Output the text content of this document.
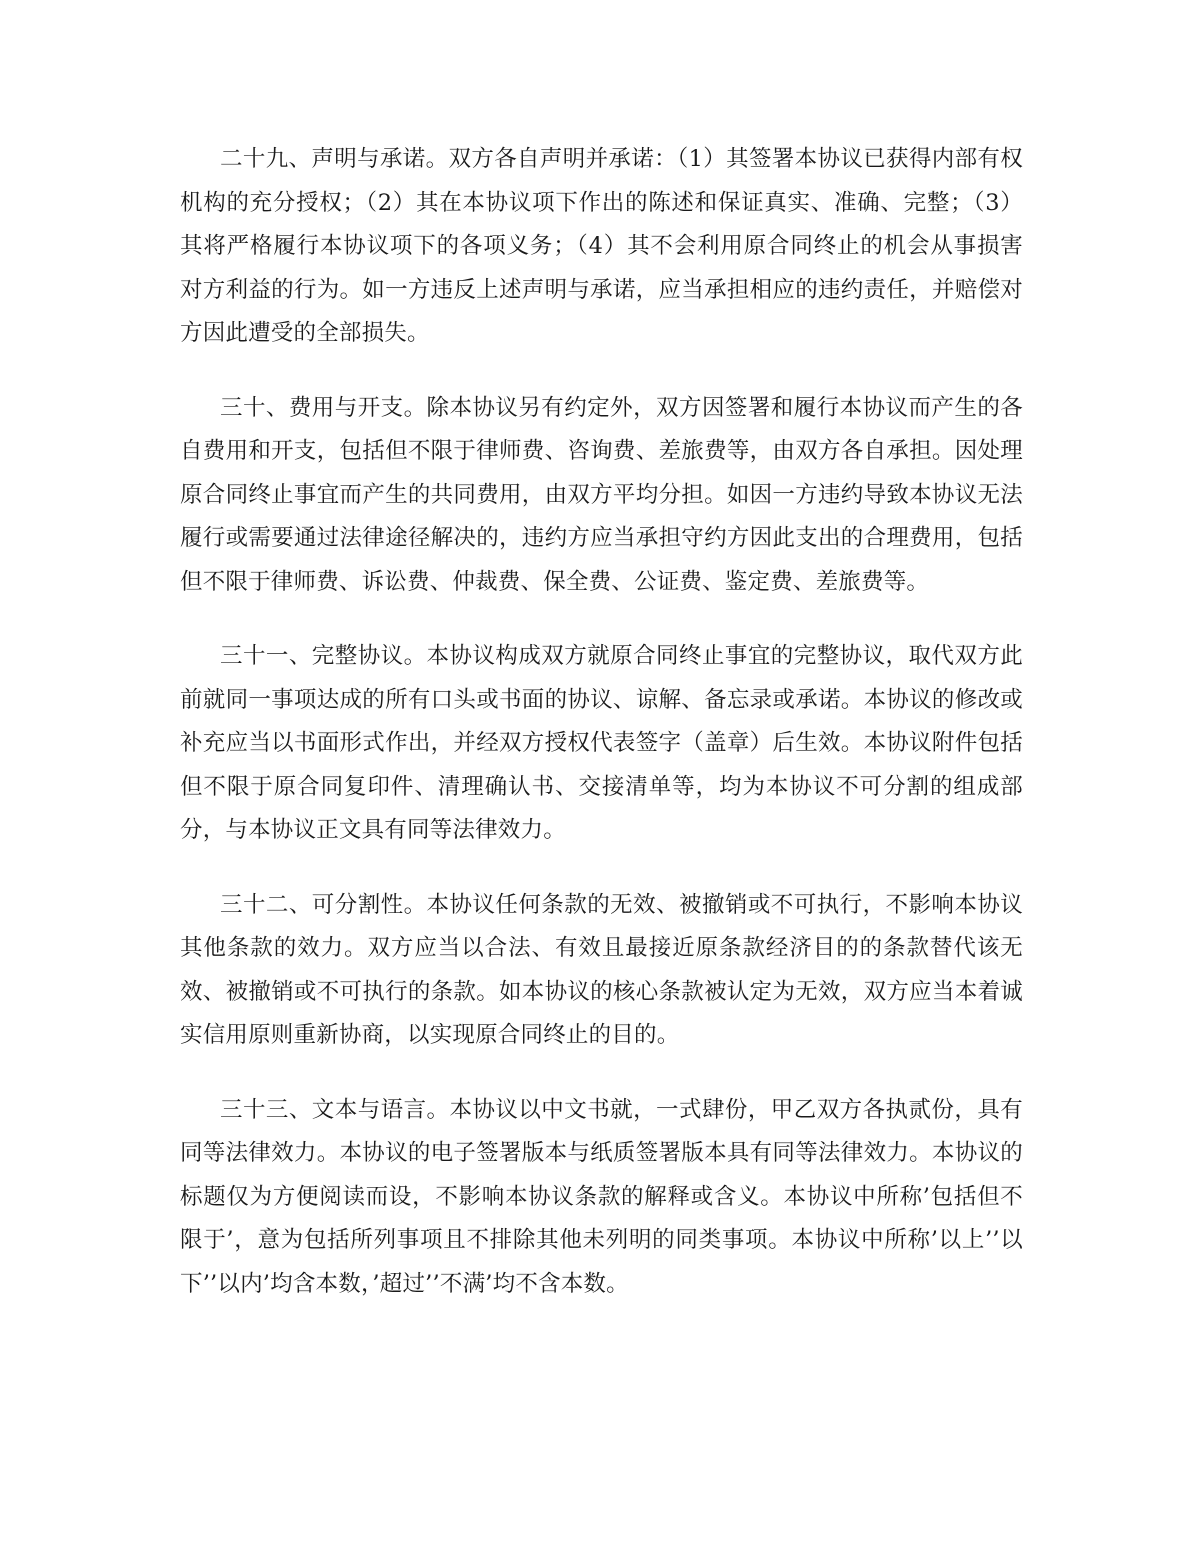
二十九、声明与承诺。双方各自声明并承诺：（1）其签署本协议已获得内部有权机构的充分授权；（2）其在本协议项下作出的陈述和保证真实、准确、完整；（3）其将严格履行本协议项下的各项义务；（4）其不会利用原合同终止的机会从事损害对方利益的行为。如一方违反上述声明与承诺，应当承担相应的违约责任，并赔偿对方因此遭受的全部损失。

三十、费用与开支。除本协议另有约定外，双方因签署和履行本协议而产生的各自费用和开支，包括但不限于律师费、咨询费、差旅费等，由双方各自承担。因处理原合同终止事宜而产生的共同费用，由双方平均分担。如因一方违约导致本协议无法履行或需要通过法律途径解决的，违约方应当承担守约方因此支出的合理费用，包括但不限于律师费、诉讼费、仲裁费、保全费、公证费、鉴定费、差旅费等。

三十一、完整协议。本协议构成双方就原合同终止事宜的完整协议，取代双方此前就同一事项达成的所有口头或书面的协议、谅解、备忘录或承诺。本协议的修改或补充应当以书面形式作出，并经双方授权代表签字（盖章）后生效。本协议附件包括但不限于原合同复印件、清理确认书、交接清单等，均为本协议不可分割的组成部分，与本协议正文具有同等法律效力。

三十二、可分割性。本协议任何条款的无效、被撤销或不可执行，不影响本协议其他条款的效力。双方应当以合法、有效且最接近原条款经济目的的条款替代该无效、被撤销或不可执行的条款。如本协议的核心条款被认定为无效，双方应当本着诚实信用原则重新协商，以实现原合同终止的目的。

三十三、文本与语言。本协议以中文书就，一式肆份，甲乙双方各执贰份，具有同等法律效力。本协议的电子签署版本与纸质签署版本具有同等法律效力。本协议的标题仅为方便阅读而设，不影响本协议条款的解释或含义。本协议中所称’包括但不限于’，意为包括所列事项且不排除其他未列明的同类事项。本协议中所称’以上’’以下’’以内’均含本数，’超过’’不满’均不含本数。
